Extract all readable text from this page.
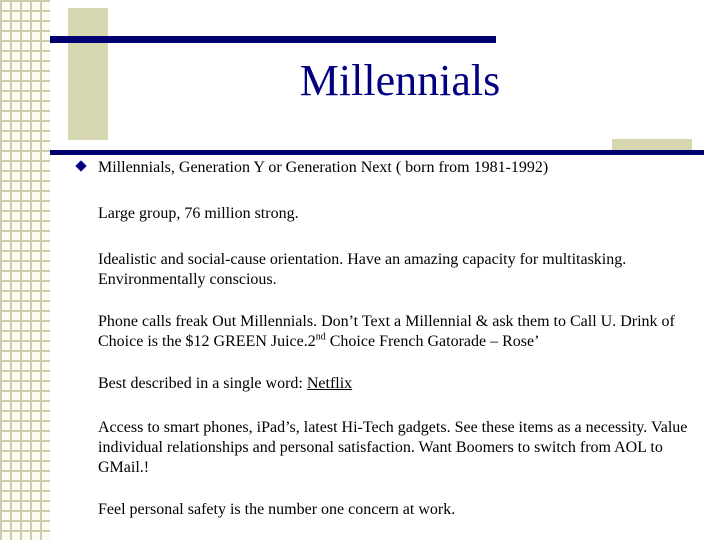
Millennials
Millennials, Generation Y or Generation Next ( born from 1981-1992)
Large group, 76 million strong.
Idealistic and social-cause orientation. Have an amazing capacity for multitasking. Environmentally conscious.
Phone calls freak Out Millennials. Don’t Text a Millennial & ask them to Call U. Drink of Choice is the $12 GREEN Juice.2nd Choice French Gatorade – Rose’
Best described in a single word: Netflix
Access to smart phones, iPad’s, latest Hi-Tech gadgets. See these items as a necessity. Value individual relationships and personal satisfaction. Want Boomers to switch from AOL to GMail.!
Feel personal safety is the number one concern at work.
